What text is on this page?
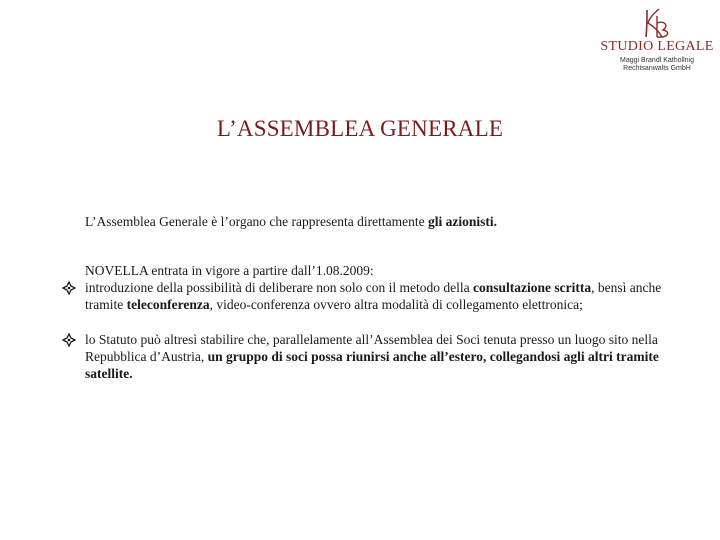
STUDIO LEGALE
Maggi Brandl Kathollnig
Rechtsanwalts GmbH
L’ASSEMBLEA GENERALE
L’Assemblea Generale è l’organo che rappresenta direttamente gli azionisti.
NOVELLA entrata in vigore a partire dall’1.08.2009:
introduzione della possibilità di deliberare non solo con il metodo della consultazione scritta, bensì anche tramite teleconferenza, video-conferenza ovvero altra modalità di collegamento elettronica;
lo Statuto può altresì stabilire che, parallelamente all’Assemblea dei Soci tenuta presso un luogo sito nella Repubblica d’Austria, un gruppo di soci possa riunirsi anche all’estero, collegandosi agli altri tramite satellite.
